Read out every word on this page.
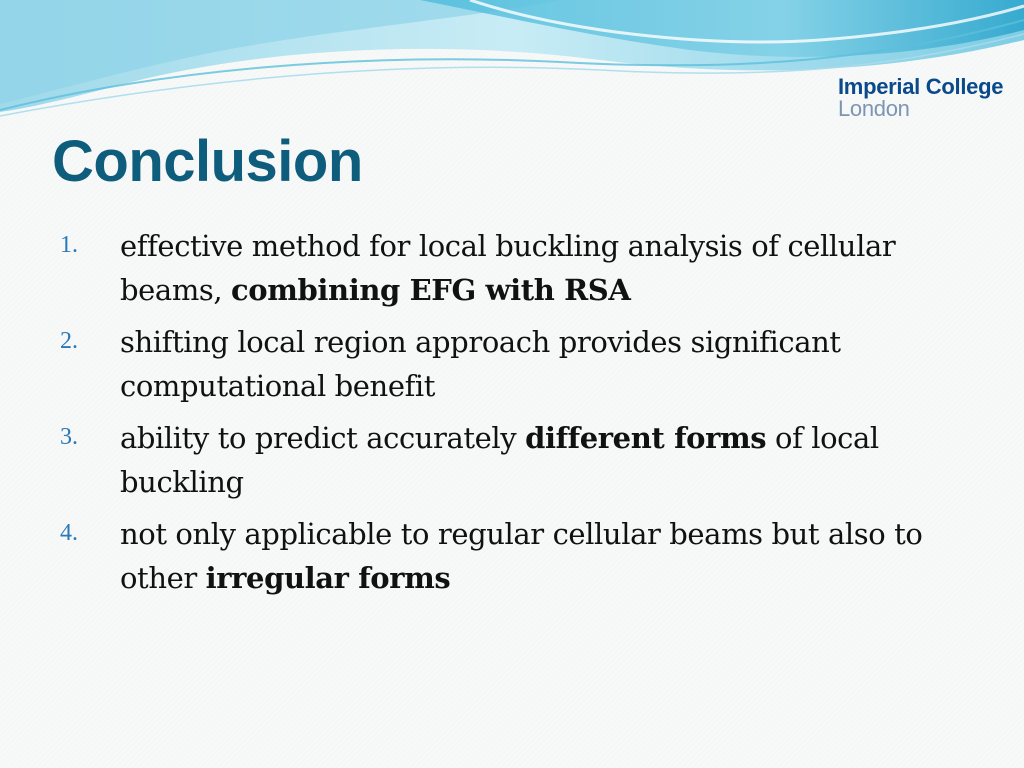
Imperial College
London
Conclusion
1.	effective method for local buckling analysis of cellular beams, combining EFG with RSA
2.	shifting local region approach provides significant computational benefit
3.	ability to predict accurately different forms of local buckling
4.	not only applicable to regular cellular beams but also to other irregular forms
